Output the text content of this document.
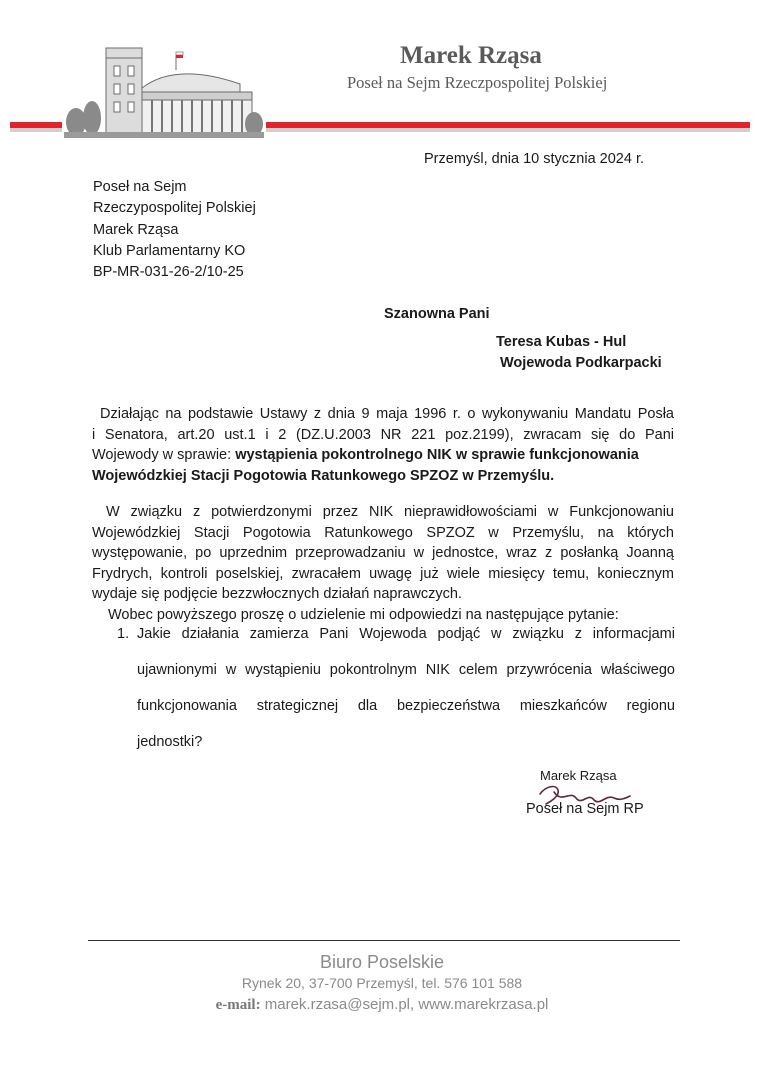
Marek Rząsa
Poseł na Sejm Rzeczpospolitej Polskiej
Przemyśl, dnia 10 stycznia 2024 r.
Poseł na Sejm
Rzeczypospolitej Polskiej
Marek Rząsa
Klub Parlamentarny KO
BP-MR-031-26-2/10-25
Szanowna Pani
Teresa Kubas - Hul
Wojewoda Podkarpacki
Działając na podstawie Ustawy z dnia 9 maja 1996 r. o wykonywaniu Mandatu Posła
i Senatora, art.20 ust.1 i 2 (DZ.U.2003 NR 221 poz.2199), zwracam się do Pani
Wojewody w sprawie: wystąpienia pokontrolnego NIK w sprawie funkcjonowania
Wojewódzkiej Stacji Pogotowia Ratunkowego SPZOZ w Przemyślu.
W związku z potwierdzonymi przez NIK nieprawidłowościami w Funkcjonowaniu
Wojewódzkiej Stacji Pogotowia Ratunkowego SPZOZ w Przemyślu, na których
występowanie, po uprzednim przeprowadzaniu w jednostce, wraz z posłanką Joanną
Frydrych, kontroli poselskiej, zwracałem uwagę już wiele miesięcy temu, koniecznym
wydaje się podjęcie bezzwłocznych działań naprawczych.
Wobec powyższego proszę o udzielenie mi odpowiedzi na następujące pytanie:
1. Jakie działania zamierza Pani Wojewoda podjąć w związku z informacjami
ujawnionymi w wystąpieniu pokontrolnym NIK celem przywrócenia właściwego
funkcjonowania strategicznej dla bezpieczeństwa mieszkańców regionu
jednostki?
Marek Rząsa
Poseł na Sejm RP
Biuro Poselskie
Rynek 20, 37-700 Przemyśl, tel. 576 101 588
e-mail: marek.rzasa@sejm.pl, www.marekrzasa.pl
